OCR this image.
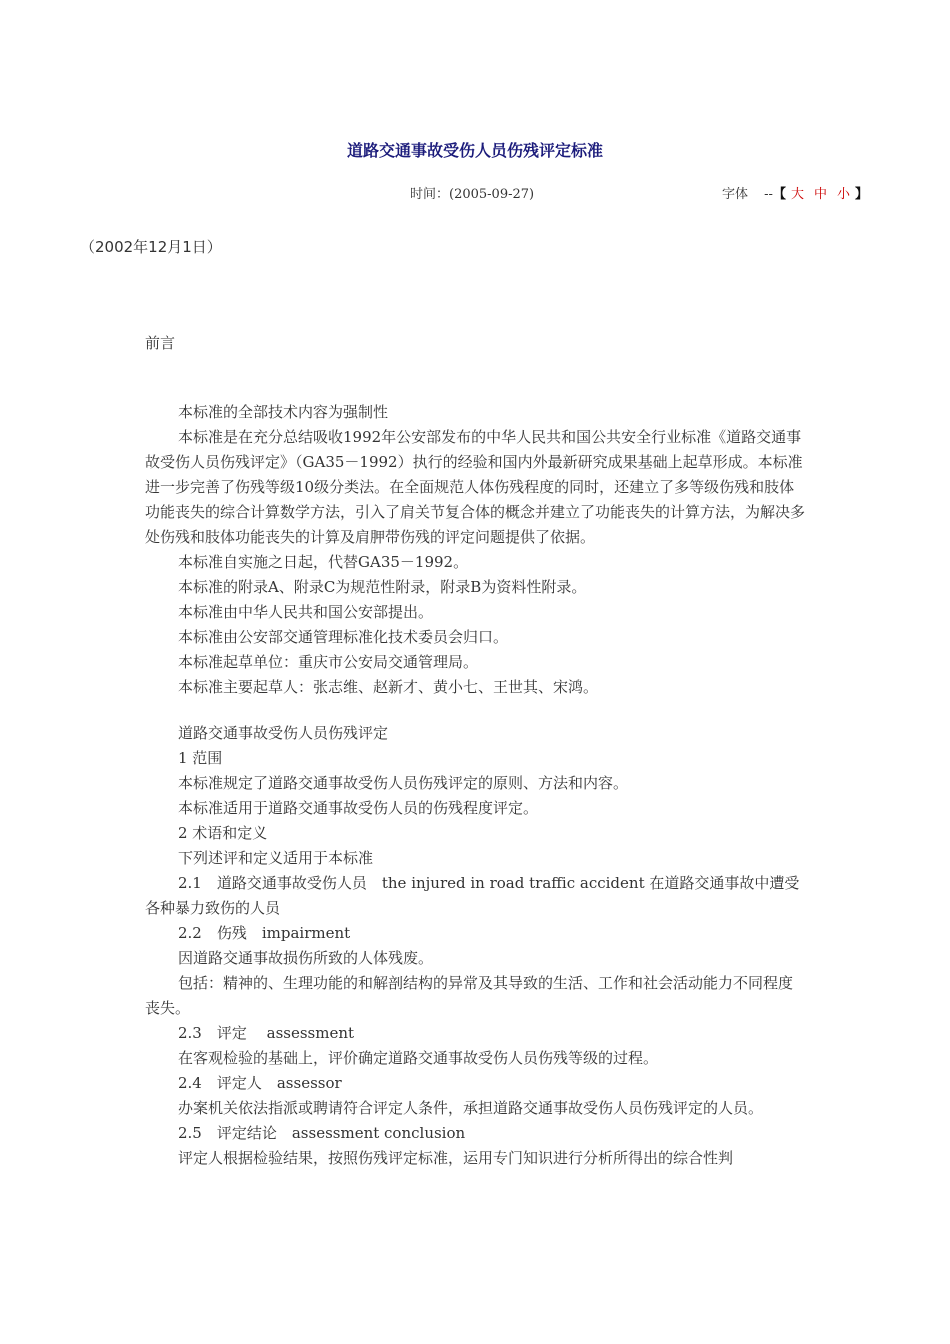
道路交通事故受伤人员伤残评定标准
时间：(2005-09-27)	字体 --【 大 中 小 】
（2002年12月1日）
前言

本标准的全部技术内容为强制性

本标准是在充分总结吸收1992年公安部发布的中华人民共和国公共安全行业标准《道路交通事故受伤人员伤残评定》（GA35－1992）执行的经验和国内外最新研究成果基础上起草形成。本标准进一步完善了伤残等级10级分类法。在全面规范人体伤残程度的同时，还建立了多等级伤残和肢体功能丧失的综合计算数学方法，引入了肩关节复合体的概念并建立了功能丧失的计算方法，为解决多处伤残和肢体功能丧失的计算及肩胛带伤残的评定问题提供了依据。

本标准自实施之日起，代替GA35－1992。

本标准的附录A、附录C为规范性附录，附录B为资料性附录。

本标准由中华人民共和国公安部提出。

本标准由公安部交通管理标准化技术委员会归口。

本标准起草单位：重庆市公安局交通管理局。

本标准主要起草人：张志维、赵新才、黄小七、王世其、宋鸿。

道路交通事故受伤人员伤残评定

1 范围

本标准规定了道路交通事故受伤人员伤残评定的原则、方法和内容。

本标准适用于道路交通事故受伤人员的伤残程度评定。

2 术语和定义

下列述评和定义适用于本标准

2.1　道路交通事故受伤人员　the injured in road traffic accident 在道路交通事故中遭受各种暴力致伤的人员

2.2　伤残　impairment

因道路交通事故损伤所致的人体残废。

包括：精神的、生理功能的和解剖结构的异常及其导致的生活、工作和社会活动能力不同程度丧失。

2.3　评定　 assessment

在客观检验的基础上，评价确定道路交通事故受伤人员伤残等级的过程。

2.4　评定人　assessor

办案机关依法指派或聘请符合评定人条件，承担道路交通事故受伤人员伤残评定的人员。

2.5　评定结论　assessment conclusion

评定人根据检验结果，按照伤残评定标准，运用专门知识进行分析所得出的综合性判
